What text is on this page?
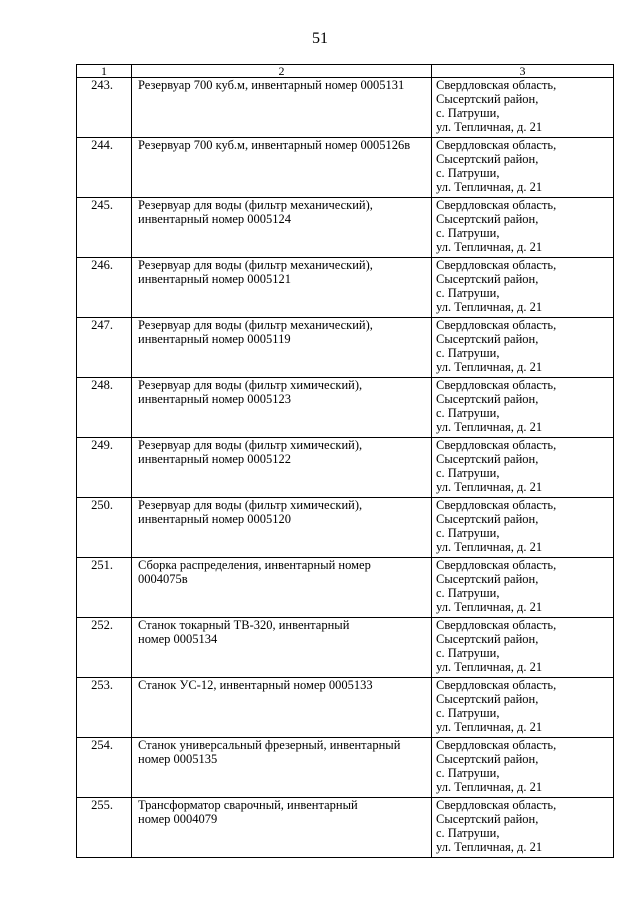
51
1	2	3
243.	Резервуар 700 куб.м, инвентарный номер 0005131	Свердловская область,
Сысертский район,
с. Патруши,
ул. Тепличная, д. 21

244.	Резервуар 700 куб.м, инвентарный номер 0005126в	Свердловская область,
Сысертский район,
с. Патруши,
ул. Тепличная, д. 21

245.	Резервуар для воды (фильтр механический),
инвентарный номер 0005124	Свердловская область,
Сысертский район,
с. Патруши,
ул. Тепличная, д. 21

246.	Резервуар для воды (фильтр механический),
инвентарный номер 0005121	Свердловская область,
Сысертский район,
с. Патруши,
ул. Тепличная, д. 21

247.	Резервуар для воды (фильтр механический),
инвентарный номер 0005119	Свердловская область,
Сысертский район,
с. Патруши,
ул. Тепличная, д. 21

248.	Резервуар для воды (фильтр химический),
инвентарный номер 0005123	Свердловская область,
Сысертский район,
с. Патруши,
ул. Тепличная, д. 21

249.	Резервуар для воды (фильтр химический),
инвентарный номер 0005122	Свердловская область,
Сысертский район,
с. Патруши,
ул. Тепличная, д. 21

250.	Резервуар для воды (фильтр химический),
инвентарный номер 0005120	Свердловская область,
Сысертский район,
с. Патруши,
ул. Тепличная, д. 21

251.	Сборка распределения, инвентарный номер
0004075в	Свердловская область,
Сысертский район,
с. Патруши,
ул. Тепличная, д. 21

252.	Станок токарный ТВ-320, инвентарный
номер 0005134	Свердловская область,
Сысертский район,
с. Патруши,
ул. Тепличная, д. 21

253.	Станок УС-12, инвентарный номер 0005133	Свердловская область,
Сысертский район,
с. Патруши,
ул. Тепличная, д. 21

254.	Станок универсальный фрезерный, инвентарный
номер 0005135	Свердловская область,
Сысертский район,
с. Патруши,
ул. Тепличная, д. 21

255.	Трансформатор сварочный, инвентарный
номер 0004079	Свердловская область,
Сысертский район,
с. Патруши,
ул. Тепличная, д. 21
